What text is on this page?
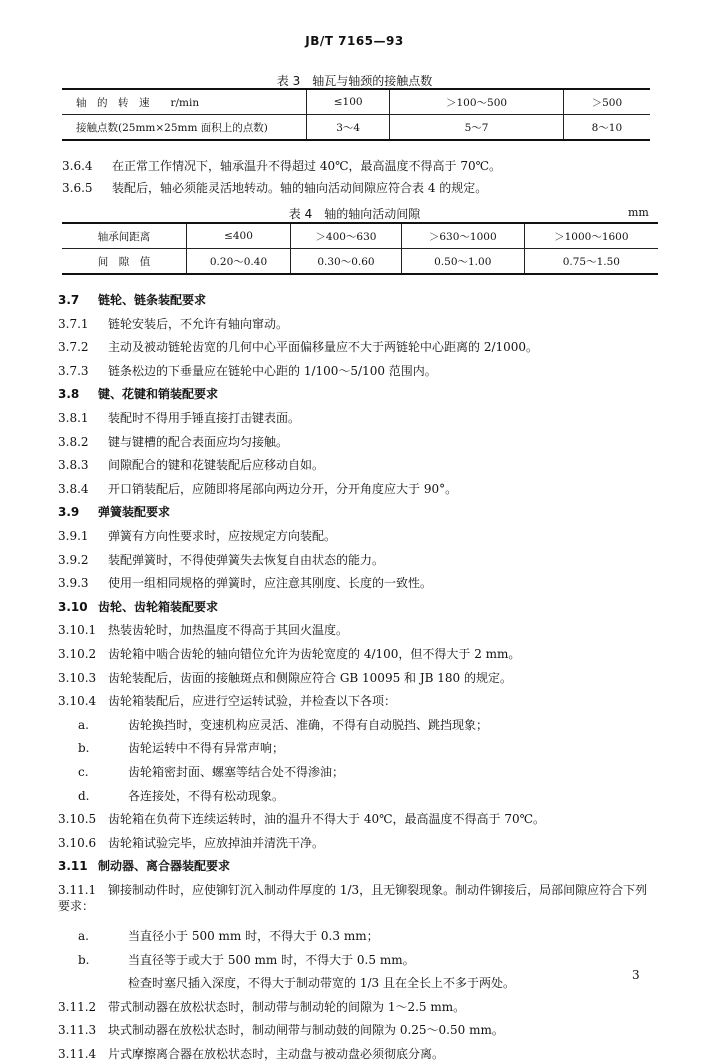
JB/T 7165—93
表 3　轴瓦与轴颈的接触点数
轴　的　转　速　　r/min	≤100	＞100～500	＞500
接触点数(25mm×25mm 面积上的点数)	3～4	5～7	8～10
3.6.4 在正常工作情况下，轴承温升不得超过 40℃，最高温度不得高于 70℃。
3.6.5 装配后，轴必须能灵活地转动。轴的轴向活动间隙应符合表 4 的规定。
表 4　轴的轴向活动间隙	mm
轴承间距离	≤400	＞400～630	＞630～1000	＞1000～1600
间　隙　值	0.20～0.40	0.30～0.60	0.50～1.00	0.75～1.50
3.7 链轮、链条装配要求
3.7.1 链轮安装后，不允许有轴向窜动。
3.7.2 主动及被动链轮齿宽的几何中心平面偏移量应不大于两链轮中心距离的 2/1000。
3.7.3 链条松边的下垂量应在链轮中心距的 1/100～5/100 范围内。
3.8 键、花键和销装配要求
3.8.1 装配时不得用手锤直接打击键表面。
3.8.2 键与键槽的配合表面应均匀接触。
3.8.3 间隙配合的键和花键装配后应移动自如。
3.8.4 开口销装配后，应随即将尾部向两边分开，分开角度应大于 90°。
3.9 弹簧装配要求
3.9.1 弹簧有方向性要求时，应按规定方向装配。
3.9.2 装配弹簧时，不得使弹簧失去恢复自由状态的能力。
3.9.3 使用一组相同规格的弹簧时，应注意其刚度、长度的一致性。
3.10 齿轮、齿轮箱装配要求
3.10.1 热装齿轮时，加热温度不得高于其回火温度。
3.10.2 齿轮箱中啮合齿轮的轴向错位允许为齿轮宽度的 4/100，但不得大于 2 mm。
3.10.3 齿轮装配后，齿面的接触斑点和侧隙应符合 GB 10095 和 JB 180 的规定。
3.10.4 齿轮箱装配后，应进行空运转试验，并检查以下各项：
a.	齿轮换挡时，变速机构应灵活、准确，不得有自动脱挡、跳挡现象；
b.	齿轮运转中不得有异常声响；
c.	齿轮箱密封面、螺塞等结合处不得渗油；
d.	各连接处，不得有松动现象。
3.10.5 齿轮箱在负荷下连续运转时，油的温升不得大于 40℃，最高温度不得高于 70℃。
3.10.6 齿轮箱试验完毕，应放掉油并清洗干净。
3.11 制动器、离合器装配要求
3.11.1 铆接制动件时，应使铆钉沉入制动件厚度的 1/3，且无铆裂现象。制动件铆接后，局部间隙应符合下列要求：
a.	当直径小于 500 mm 时，不得大于 0.3 mm；
b.	当直径等于或大于 500 mm 时，不得大于 0.5 mm。
检查时塞尺插入深度，不得大于制动带宽的 1/3 且在全长上不多于两处。
3.11.2 带式制动器在放松状态时，制动带与制动轮的间隙为 1～2.5 mm。
3.11.3 块式制动器在放松状态时，制动闸带与制动鼓的间隙为 0.25～0.50 mm。
3.11.4 片式摩擦离合器在放松状态时，主动盘与被动盘必须彻底分离。
3
